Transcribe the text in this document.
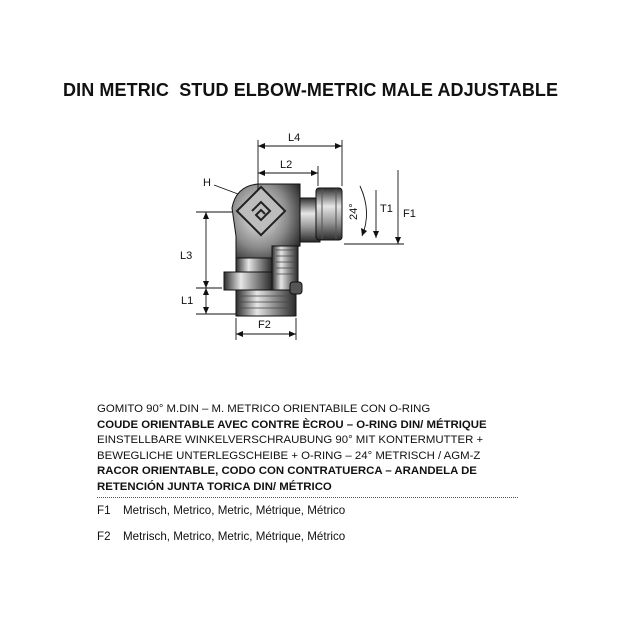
DIN METRIC  STUD ELBOW-METRIC MALE ADJUSTABLE
L4
L2
H
24° T1 F1
L3
L1
F2
GOMITO 90° M.DIN – M. METRICO ORIENTABILE CON O-RING
COUDE ORIENTABLE AVEC CONTRE ÈCROU – O-RING DIN/ MÉTRIQUE
EINSTELLBARE WINKELVERSCHRAUBUNG 90° MIT KONTERMUTTER +
BEWEGLICHE UNTERLEGSCHEIBE + O-RING – 24° METRISCH / AGM-Z
RACOR ORIENTABLE, CODO CON CONTRATUERCA – ARANDELA DE
RETENCIÓN JUNTA TORICA DIN/ MÉTRICO
F1 Metrisch, Metrico, Metric, Métrique, Métrico
F2 Metrisch, Metrico, Metric, Métrique, Métrico
